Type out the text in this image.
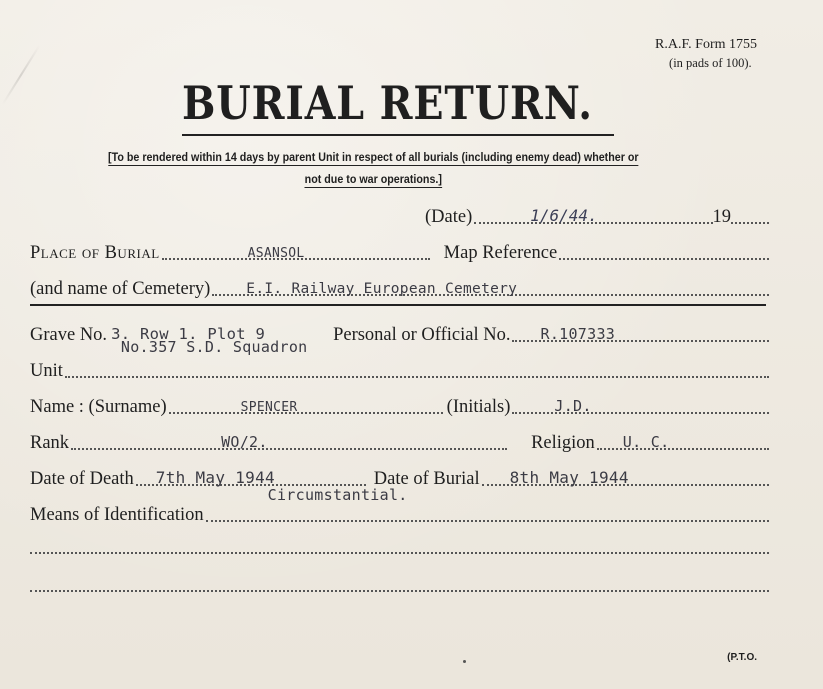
R.A.F. Form 1755
(in pads of 100).
BURIAL RETURN.
[To be rendered within 14 days by parent Unit in respect of all burials (including enemy dead) whether or
not due to war operations.]
(Date)	1/6/44.	19
Place of Burial	ASANSOL	Map Reference
(and name of Cemetery) E.I. Railway European Cemetery
Grave No. 3. Row 1. Plot 9	Personal or Official No. R.107333
Unit
No.357 S.D. Squadron
Name : (Surname)	SPENCER	(Initials)	J.D.
Rank	WO/2.	Religion U. C.
Date of Death 7th May 1944	Date of Burial 8th May 1944
Means of Identification
Circumstantial.
(P.T.O.
